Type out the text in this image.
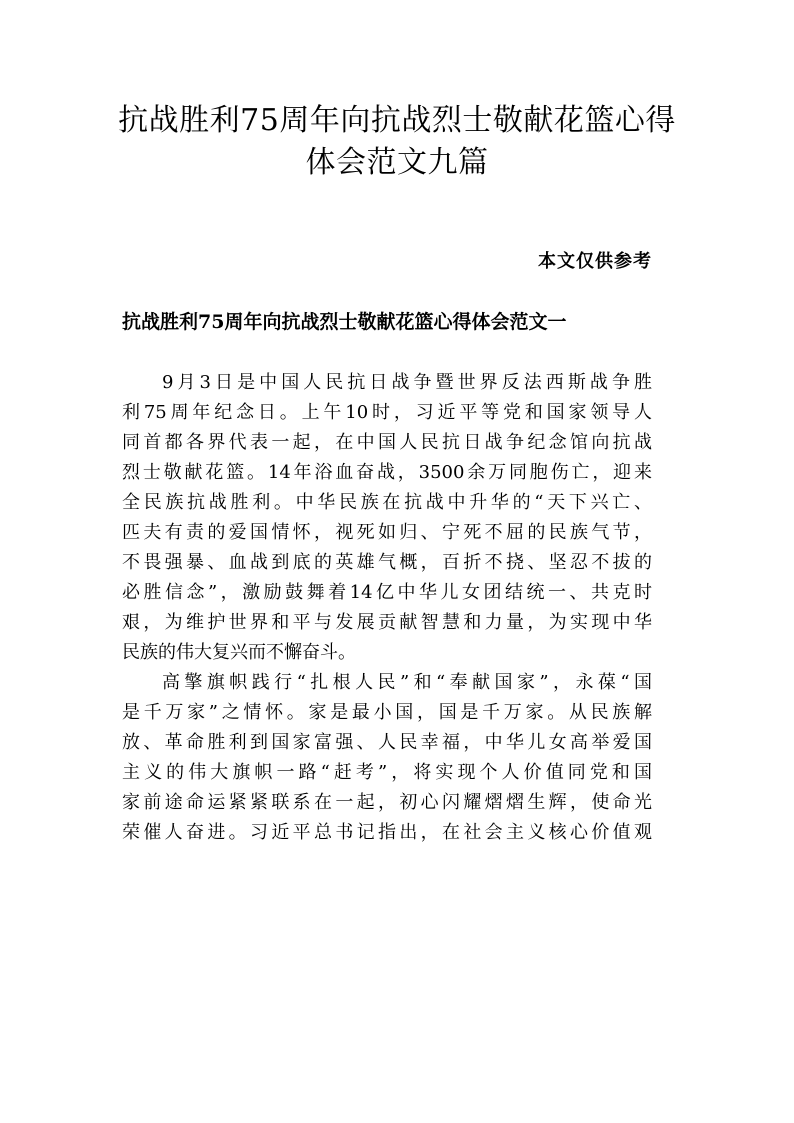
抗战胜利75周年向抗战烈士敬献花篮心得
体会范文九篇
本文仅供参考
抗战胜利75周年向抗战烈士敬献花篮心得体会范文一

9月3日是中国人民抗日战争暨世界反法西斯战争胜
利75周年纪念日。上午10时，习近平等党和国家领导人
同首都各界代表一起，在中国人民抗日战争纪念馆向抗战
烈士敬献花篮。14年浴血奋战，3500余万同胞伤亡，迎来
全民族抗战胜利。中华民族在抗战中升华的“天下兴亡、
匹夫有责的爱国情怀，视死如归、宁死不屈的民族气节，
不畏强暴、血战到底的英雄气概，百折不挠、坚忍不拔的
必胜信念”，激励鼓舞着14亿中华儿女团结统一、共克时
艰，为维护世界和平与发展贡献智慧和力量，为实现中华
民族的伟大复兴而不懈奋斗。

高擎旗帜践行“扎根人民”和“奉献国家”，永葆“国
是千万家”之情怀。家是最小国，国是千万家。从民族解
放、革命胜利到国家富强、人民幸福，中华儿女高举爱国
主义的伟大旗帜一路“赶考”，将实现个人价值同党和国
家前途命运紧紧联系在一起，初心闪耀熠熠生辉，使命光
荣催人奋进。习近平总书记指出，在社会主义核心价值观
